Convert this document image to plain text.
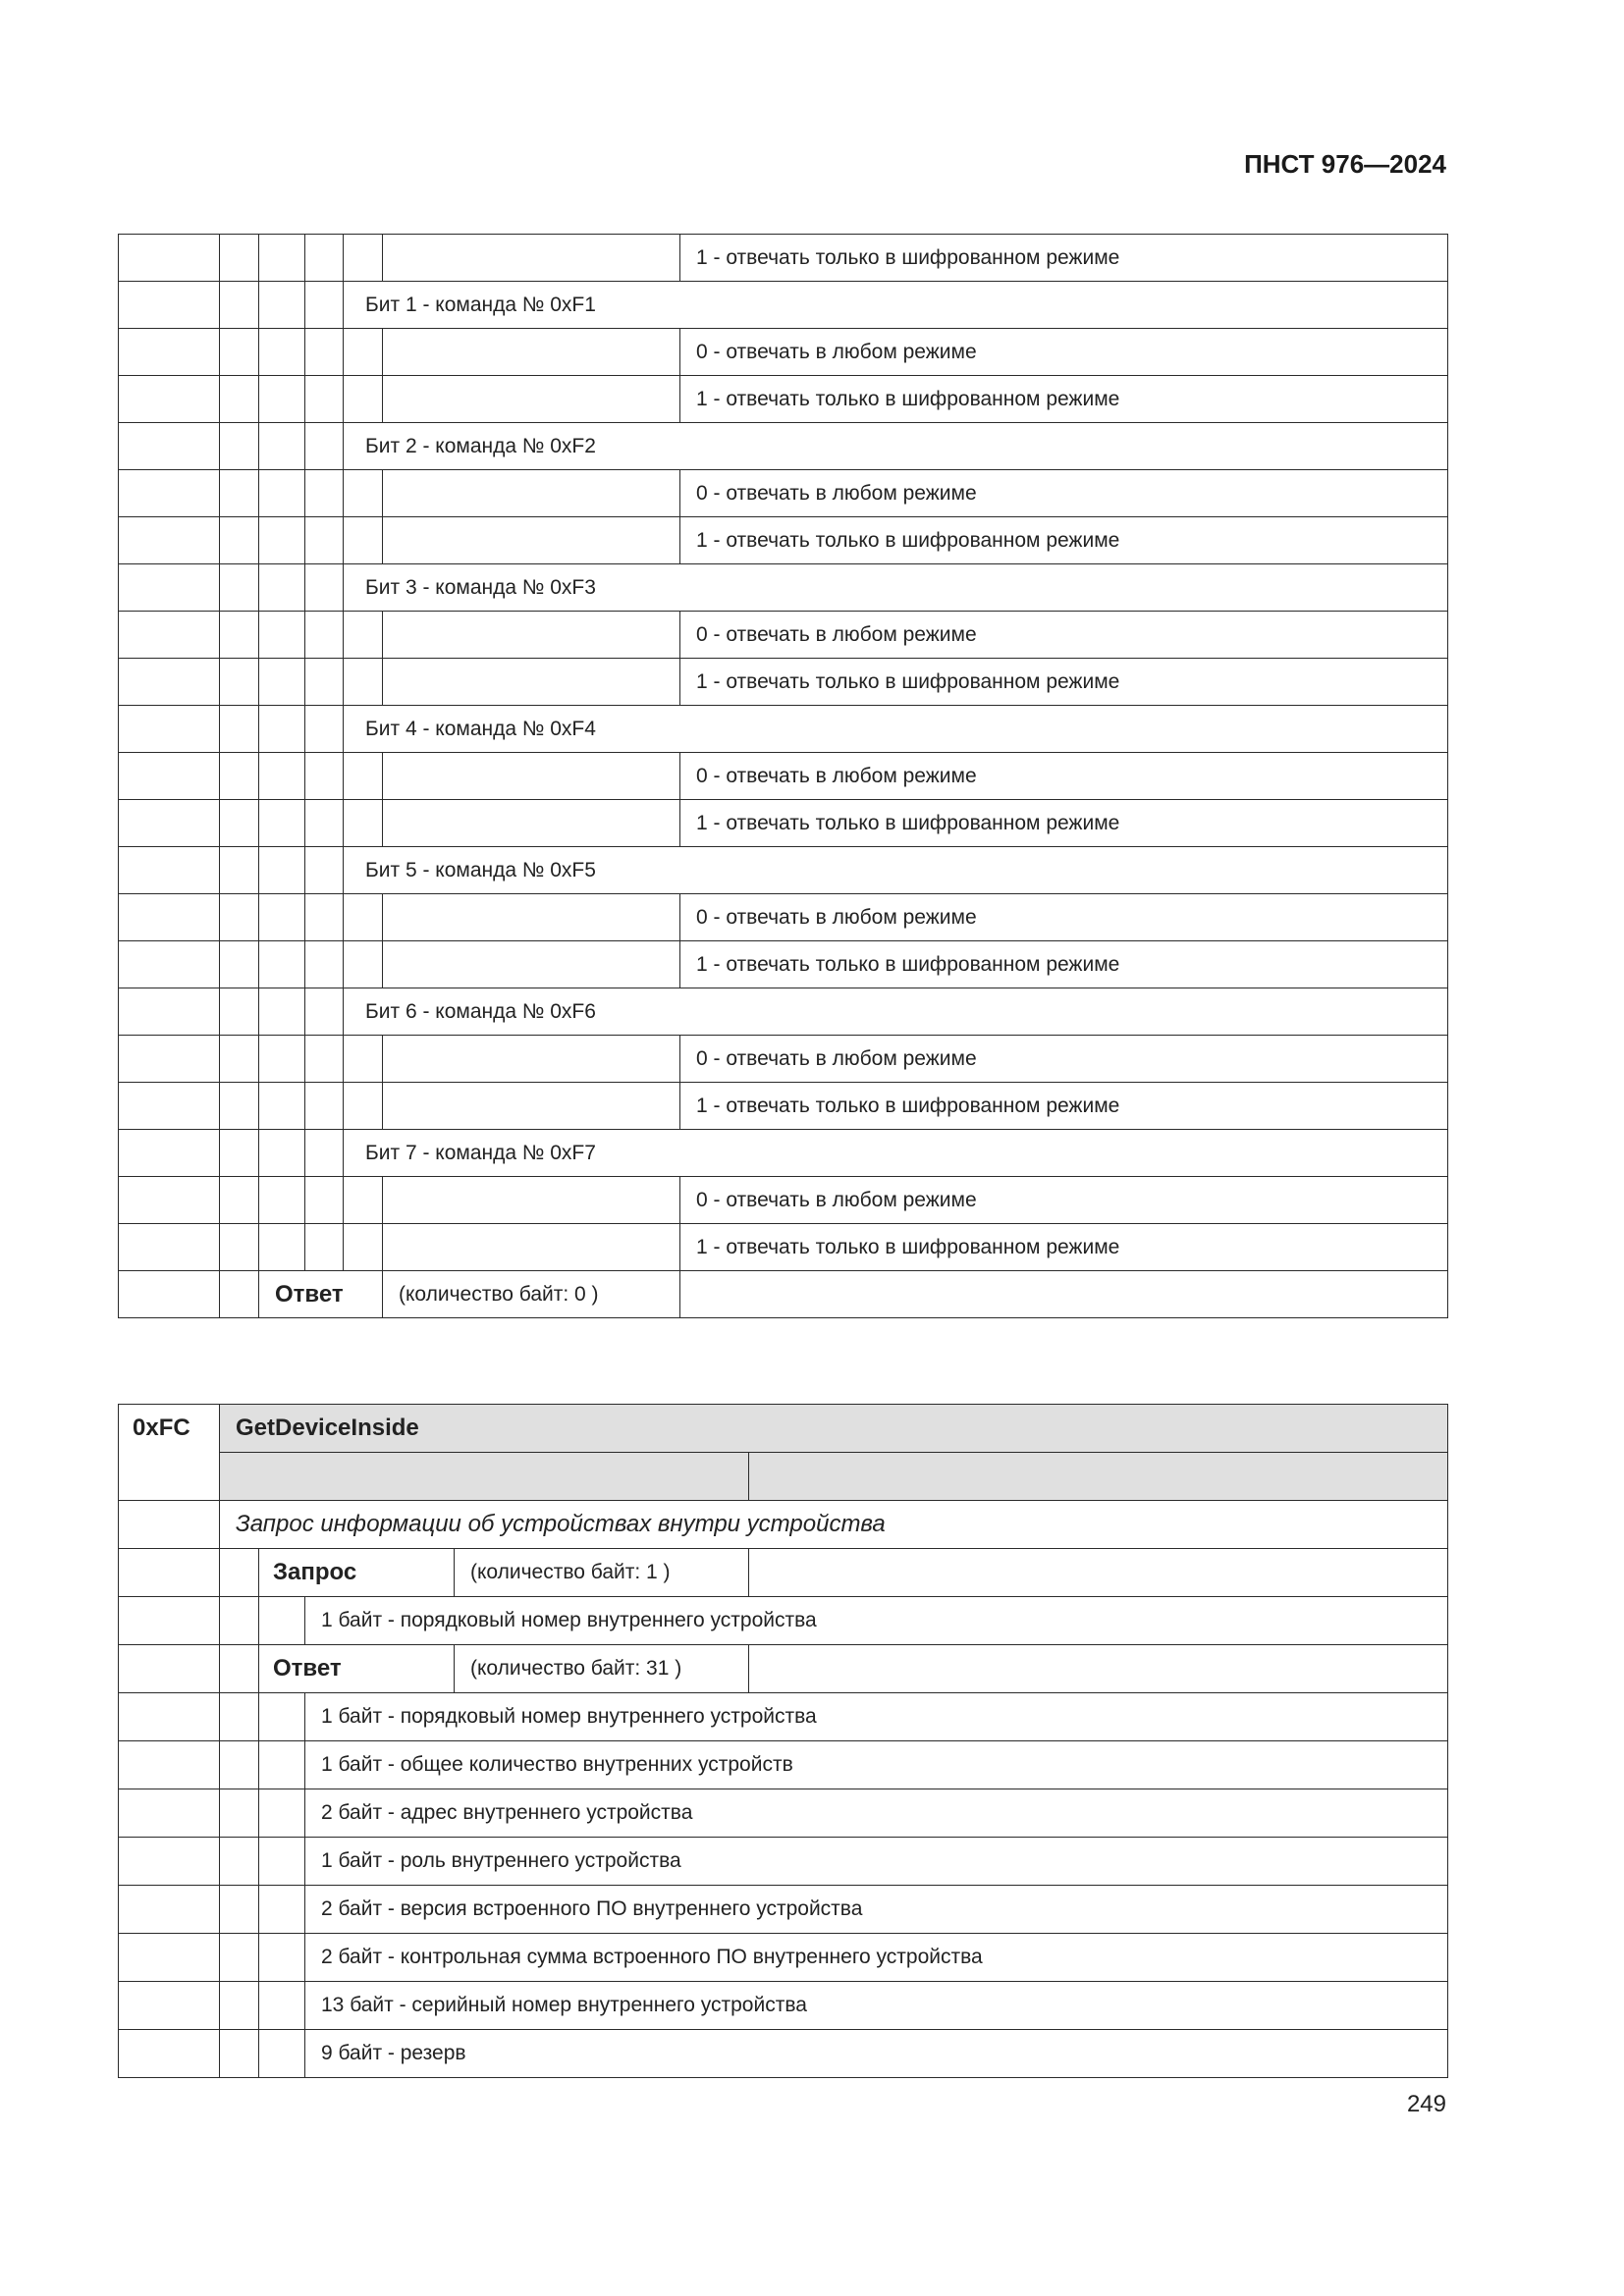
ПНСТ 976—2024
						1 - отвечать только в шифрованном режиме
				Бит 1 - команда № 0xF1		
						0 - отвечать в любом режиме
						1 - отвечать только в шифрованном режиме
				Бит 2 - команда № 0xF2		
						0 - отвечать в любом режиме
						1 - отвечать только в шифрованном режиме
				Бит 3 - команда № 0xF3		
						0 - отвечать в любом режиме
						1 - отвечать только в шифрованном режиме
				Бит 4 - команда № 0xF4		
						0 - отвечать в любом режиме
						1 - отвечать только в шифрованном режиме
				Бит 5 - команда № 0xF5		
						0 - отвечать в любом режиме
						1 - отвечать только в шифрованном режиме
				Бит 6 - команда № 0xF6		
						0 - отвечать в любом режиме
						1 - отвечать только в шифрованном режиме
				Бит 7 - команда № 0xF7		
						0 - отвечать в любом режиме
						1 - отвечать только в шифрованном режиме
		Ответ			(количество байт: 0 )	
0xFC	GetDeviceInside				

	Запрос информации об устройствах внутри устройства				
		Запрос		(количество байт: 1 )	
			1 байт - порядковый номер внутреннего устройства		
		Ответ		(количество байт: 31 )	
			1 байт - порядковый номер внутреннего устройства		
			1 байт - общее количество внутренних устройств		
			2 байт - адрес внутреннего устройства		
			1 байт - роль внутреннего устройства		
			2 байт - версия встроенного ПО внутреннего устройства		
			2 байт - контрольная сумма встроенного ПО внутреннего устройства		
			13 байт - серийный номер внутреннего устройства		
			9 байт - резерв		
249
